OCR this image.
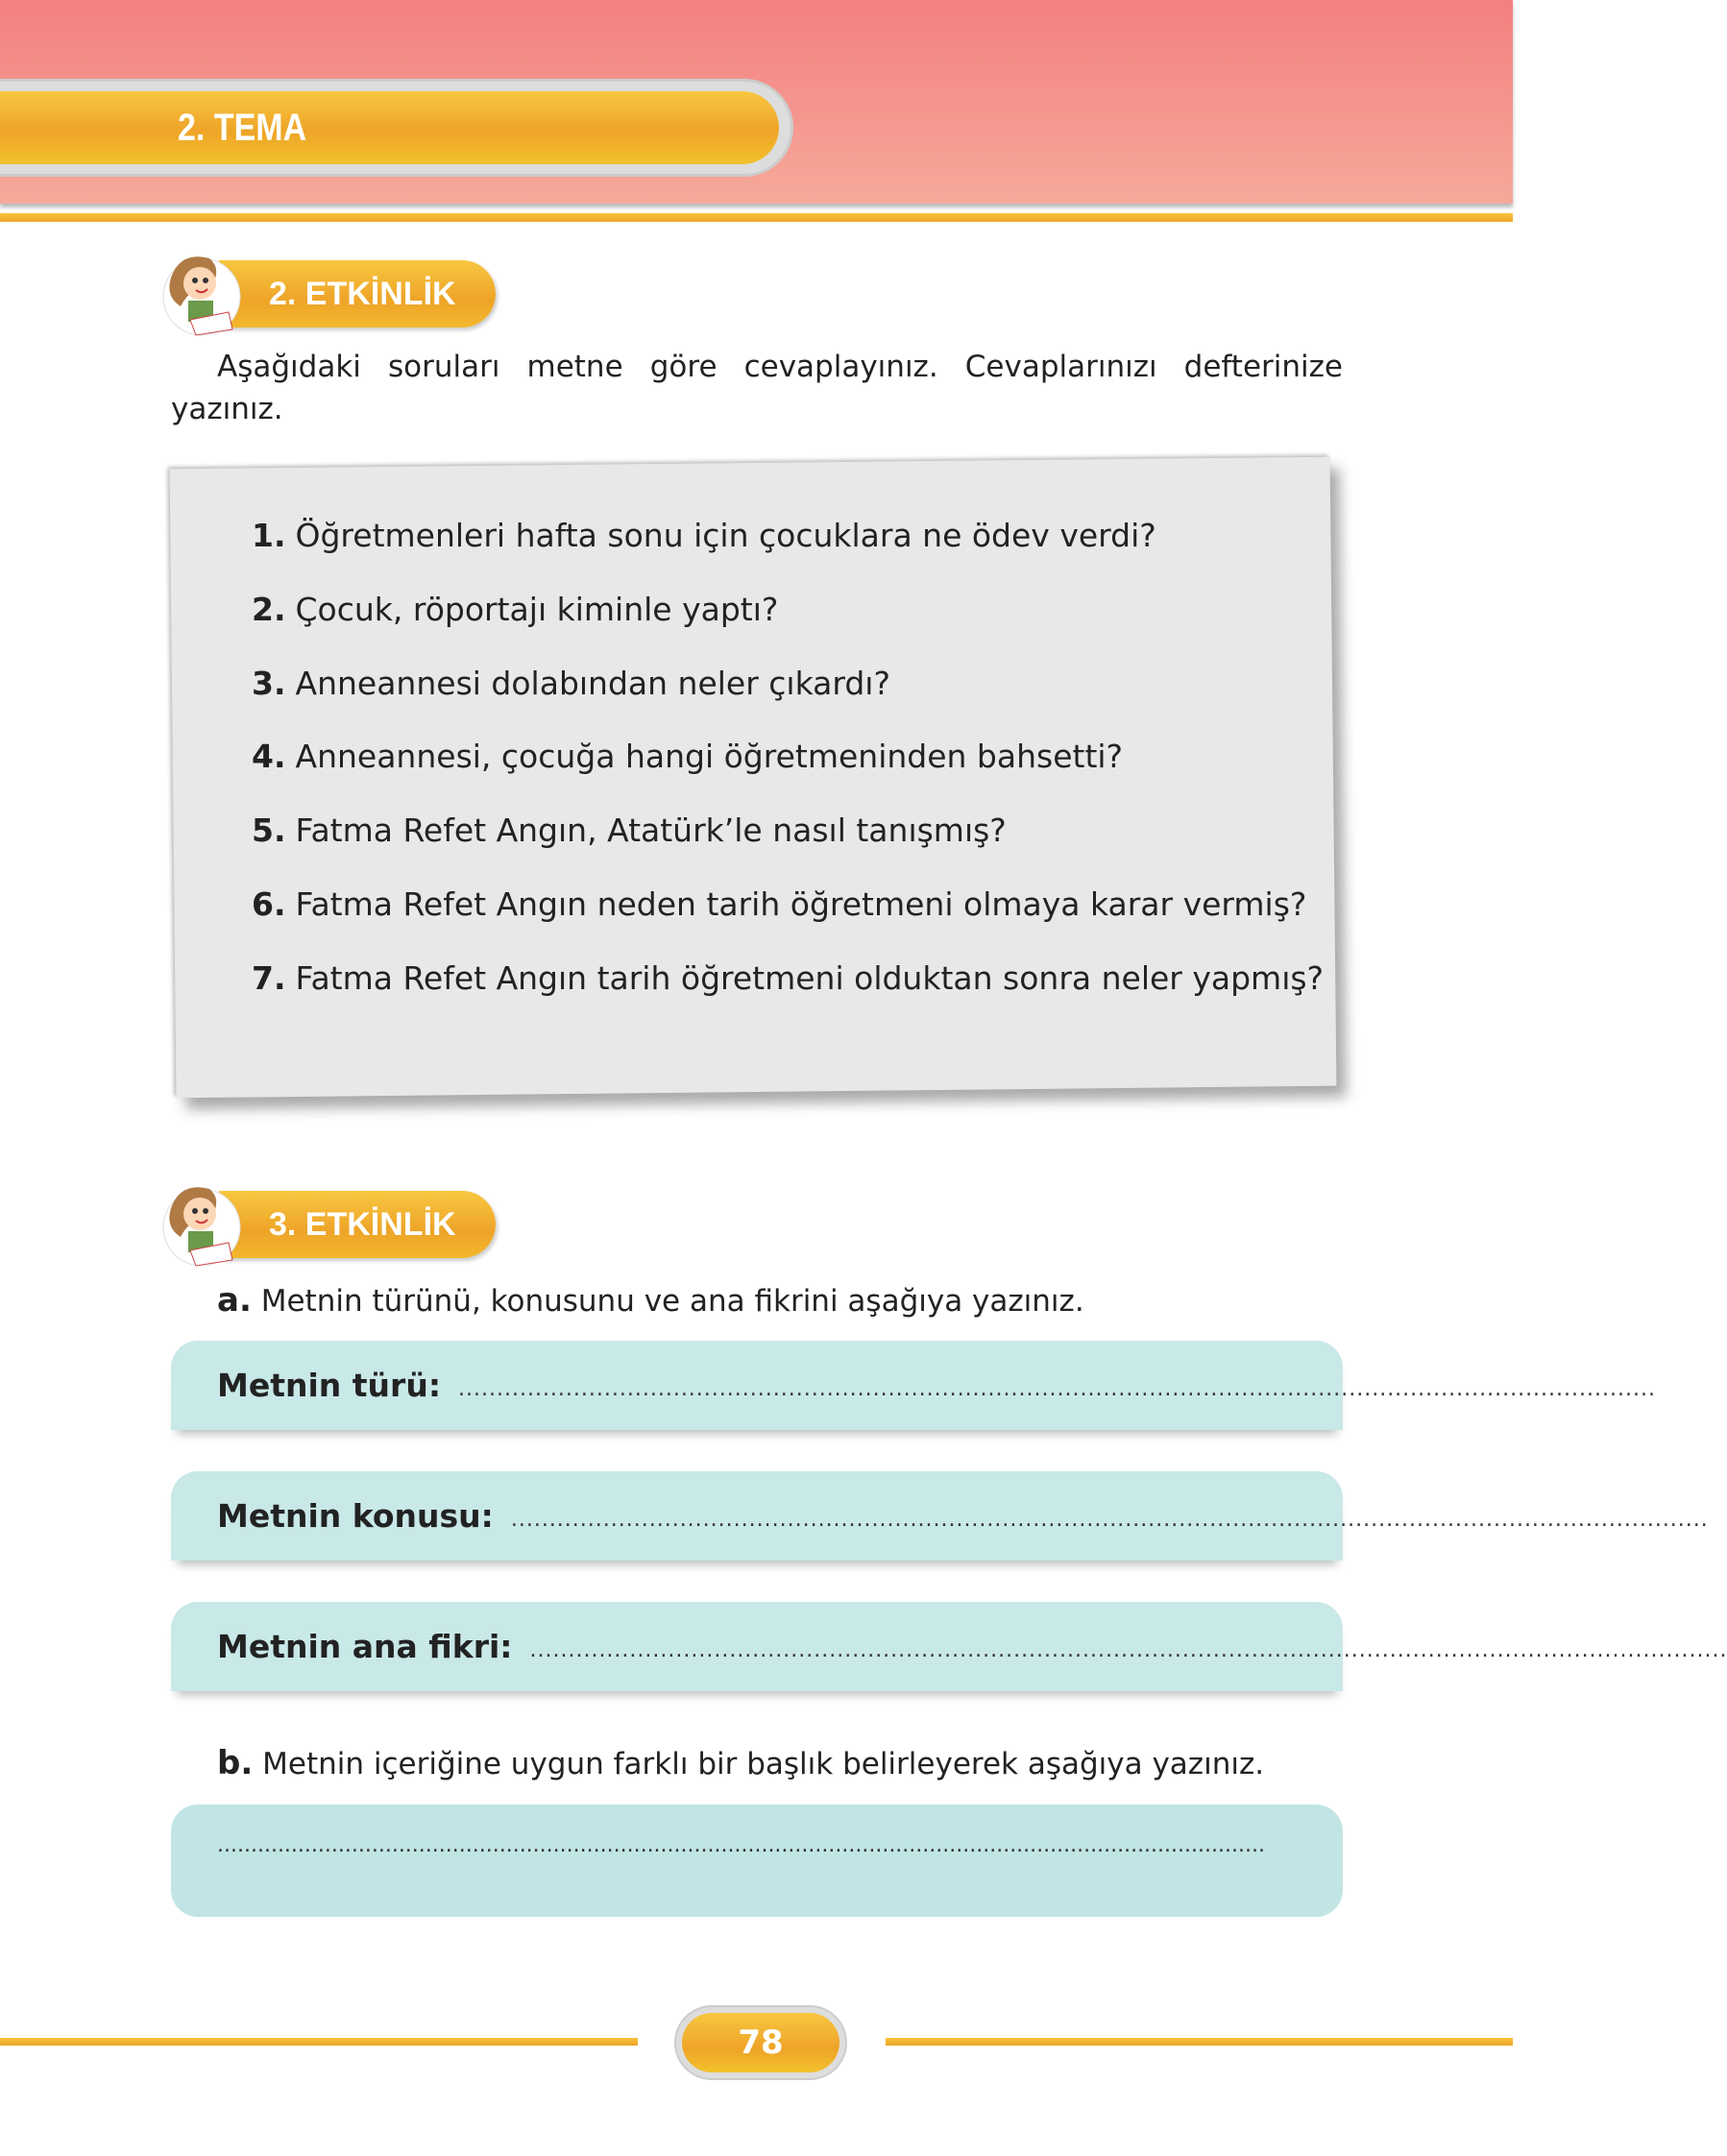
2. TEMA
2. ETKİNLİK
Aşağıdaki soruları metne göre cevaplayınız. Cevaplarınızı defterinize yazınız.
1. Öğretmenleri hafta sonu için çocuklara ne ödev verdi?
2. Çocuk, röportajı kiminle yaptı?
3. Anneannesi dolabından neler çıkardı?
4. Anneannesi, çocuğa hangi öğretmeninden bahsetti?
5. Fatma Refet Angın, Atatürk’le nasıl tanışmış?
6. Fatma Refet Angın neden tarih öğretmeni olmaya karar vermiş?
7. Fatma Refet Angın tarih öğretmeni olduktan sonra neler yapmış?
3. ETKİNLİK
a. Metnin türünü, konusunu ve ana fikrini aşağıya yazınız.
Metnin türü: ............................................................................................................................................................
Metnin konusu: ............................................................................................................................................................
Metnin ana fikri: ............................................................................................................................................................
b. Metnin içeriğine uygun farklı bir başlık belirleyerek aşağıya yazınız.
............................................................................................................................................................
78
